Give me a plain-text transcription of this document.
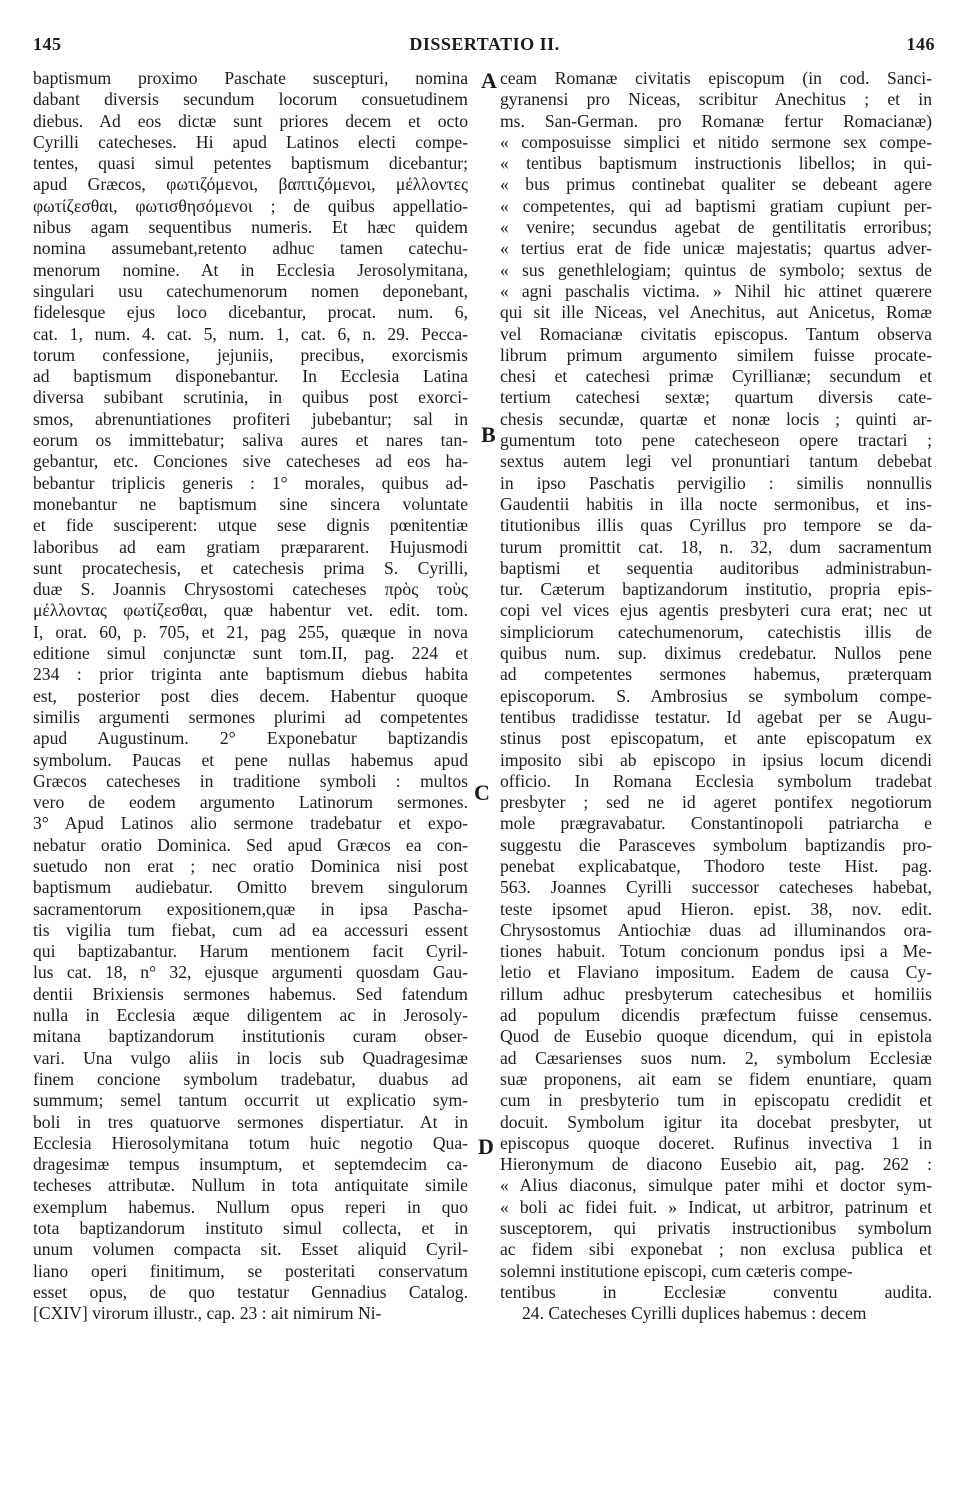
145	DISSERTATIO II.	146
baptismum proximo Paschate suscepturi, nomina
dabant diversis secundum locorum consuetudinem
diebus. Ad eos dictæ sunt priores decem et octo
Cyrilli catecheses. Hi apud Latinos electi compe-
tentes, quasi simul petentes baptismum dicebantur;
apud Græcos, φωτιζόμενοι, βαπτιζόμενοι, μέλλοντες
φωτίζεσθαι, φωτισθησόμενοι ; de quibus appellatio-
nibus agam sequentibus numeris. Et hæc quidem
nomina assumebant,retento adhuc tamen catechu-
menorum nomine. At in Ecclesia Jerosolymitana,
singulari usu catechumenorum nomen deponebant,
fidelesque ejus loco dicebantur, procat. num. 6,
cat. 1, num. 4. cat. 5, num. 1, cat. 6, n. 29. Pecca-
torum confessione, jejuniis, precibus, exorcismis
ad baptismum disponebantur. In Ecclesia Latina
diversa subibant scrutinia, in quibus post exorci-
smos, abrenuntiationes profiteri jubebantur; sal in
eorum os immittebatur; saliva aures et nares tan-
gebantur, etc. Conciones sive catecheses ad eos ha-
bebantur triplicis generis : 1° morales, quibus ad-
monebantur ne baptismum sine sincera voluntate
et fide susciperent: utque sese dignis pœnitentiæ
laboribus ad eam gratiam præpararent. Hujusmodi
sunt procatechesis, et catechesis prima S. Cyrilli,
duæ S. Joannis Chrysostomi catecheses πρὸς τοὺς
μέλλοντας φωτίζεσθαι, quæ habentur vet. edit. tom.
I, orat. 60, p. 705, et 21, pag 255, quæque in nova
editione simul conjunctæ sunt tom.II, pag. 224 et
234 : prior triginta ante baptismum diebus habita
est, posterior post dies decem. Habentur quoque
similis argumenti sermones plurimi ad competentes
apud Augustinum. 2° Exponebatur baptizandis
symbolum. Paucas et pene nullas habemus apud
Græcos catecheses in traditione symboli : multos
vero de eodem argumento Latinorum sermones.
3° Apud Latinos alio sermone tradebatur et expo-
nebatur oratio Dominica. Sed apud Græcos ea con-
suetudo non erat ; nec oratio Dominica nisi post
baptismum audiebatur. Omitto brevem singulorum
sacramentorum expositionem,quæ in ipsa Pascha-
tis vigilia tum fiebat, cum ad ea accessuri essent
qui baptizabantur. Harum mentionem facit Cyril-
lus cat. 18, n° 32, ejusque argumenti quosdam Gau-
dentii Brixiensis sermones habemus. Sed fatendum
nulla in Ecclesia æque diligentem ac in Jerosoly-
mitana baptizandorum institutionis curam obser-
vari. Una vulgo aliis in locis sub Quadragesimæ
finem concione symbolum tradebatur, duabus ad
summum; semel tantum occurrit ut explicatio sym-
boli in tres quatuorve sermones dispertiatur. At in
Ecclesia Hierosolymitana totum huic negotio Qua-
dragesimæ tempus insumptum, et septemdecim ca-
techeses attributæ. Nullum in tota antiquitate simile
exemplum habemus. Nullum opus reperi in quo
tota baptizandorum instituto simul collecta, et in
unum volumen compacta sit. Esset aliquid Cyril-
liano operi finitimum, se posteritati conservatum
esset opus, de quo testatur Gennadius Catalog.
[CXIV] virorum illustr., cap. 23 : ait nimirum Ni-
ceam Romanæ civitatis episcopum (in cod. Sanci-
gyranensi pro Niceas, scribitur Anechitus ; et in
ms. San-German. pro Romanæ fertur Romacianæ)
« composuisse simplici et nitido sermone sex compe-
« tentibus baptismum instructionis libellos; in qui-
« bus primus continebat qualiter se debeant agere
« competentes, qui ad baptismi gratiam cupiunt per-
« venire; secundus agebat de gentilitatis erroribus;
« tertius erat de fide unicæ majestatis; quartus adver-
« sus genethlelogiam; quintus de symbolo; sextus de
« agni paschalis victima. » Nihil hic attinet quærere
qui sit ille Niceas, vel Anechitus, aut Anicetus, Romæ
vel Romacianæ civitatis episcopus. Tantum observa
librum primum argumento similem fuisse procate-
chesi et catechesi primæ Cyrillianæ; secundum et
tertium catechesi sextæ; quartum diversis cate-
chesis secundæ, quartæ et nonæ locis ; quinti ar-
gumentum toto pene catecheseon opere tractari ;
sextus autem legi vel pronuntiari tantum debebat
in ipso Paschatis pervigilio : similis nonnullis
Gaudentii habitis in illa nocte sermonibus, et ins-
titutionibus illis quas Cyrillus pro tempore se da-
turum promittit cat. 18, n. 32, dum sacramentum
baptismi et sequentia auditoribus administrabun-
tur. Cæterum baptizandorum institutio, propria epis-
copi vel vices ejus agentis presbyteri cura erat; nec ut
simpliciorum catechumenorum, catechistis illis de
quibus num. sup. diximus credebatur. Nullos pene
ad competentes sermones habemus, præterquam
episcoporum. S. Ambrosius se symbolum compe-
tentibus tradidisse testatur. Id agebat per se Augu-
stinus post episcopatum, et ante episcopatum ex
imposito sibi ab episcopo in ipsius locum dicendi
officio. In Romana Ecclesia symbolum tradebat
presbyter ; sed ne id ageret pontifex negotiorum
mole prægravabatur. Constantinopoli patriarcha e
suggestu die Parasceves symbolum baptizandis pro-
penebat explicabatque, Thodoro teste Hist. pag.
563. Joannes Cyrilli successor catecheses habebat,
teste ipsomet apud Hieron. epist. 38, nov. edit.
Chrysostomus Antiochiæ duas ad illuminandos ora-
tiones habuit. Totum concionum pondus ipsi a Me-
letio et Flaviano impositum. Eadem de causa Cy-
rillum adhuc presbyterum catechesibus et homiliis
ad populum dicendis præfectum fuisse censemus.
Quod de Eusebio quoque dicendum, qui in epistola
ad Cæsarienses suos num. 2, symbolum Ecclesiæ
suæ proponens, ait eam se fidem enuntiare, quam
cum in presbyterio tum in episcopatu credidit et
docuit. Symbolum igitur ita docebat presbyter, ut
episcopus quoque doceret. Rufinus invectiva 1 in
Hieronymum de diacono Eusebio ait, pag. 262 :
« Alius diaconus, simulque pater mihi et doctor sym-
« boli ac fidei fuit. » Indicat, ut arbitror, patrinum et
susceptorem, qui privatis instructionibus symbolum
ac fidem sibi exponebat ; non exclusa publica et
solemni institutione episcopi, cum cæteris compe-
tentibus in Ecclesiæ conventu audita.
24. Catecheses Cyrilli duplices habemus : decem
A
B
C
D
